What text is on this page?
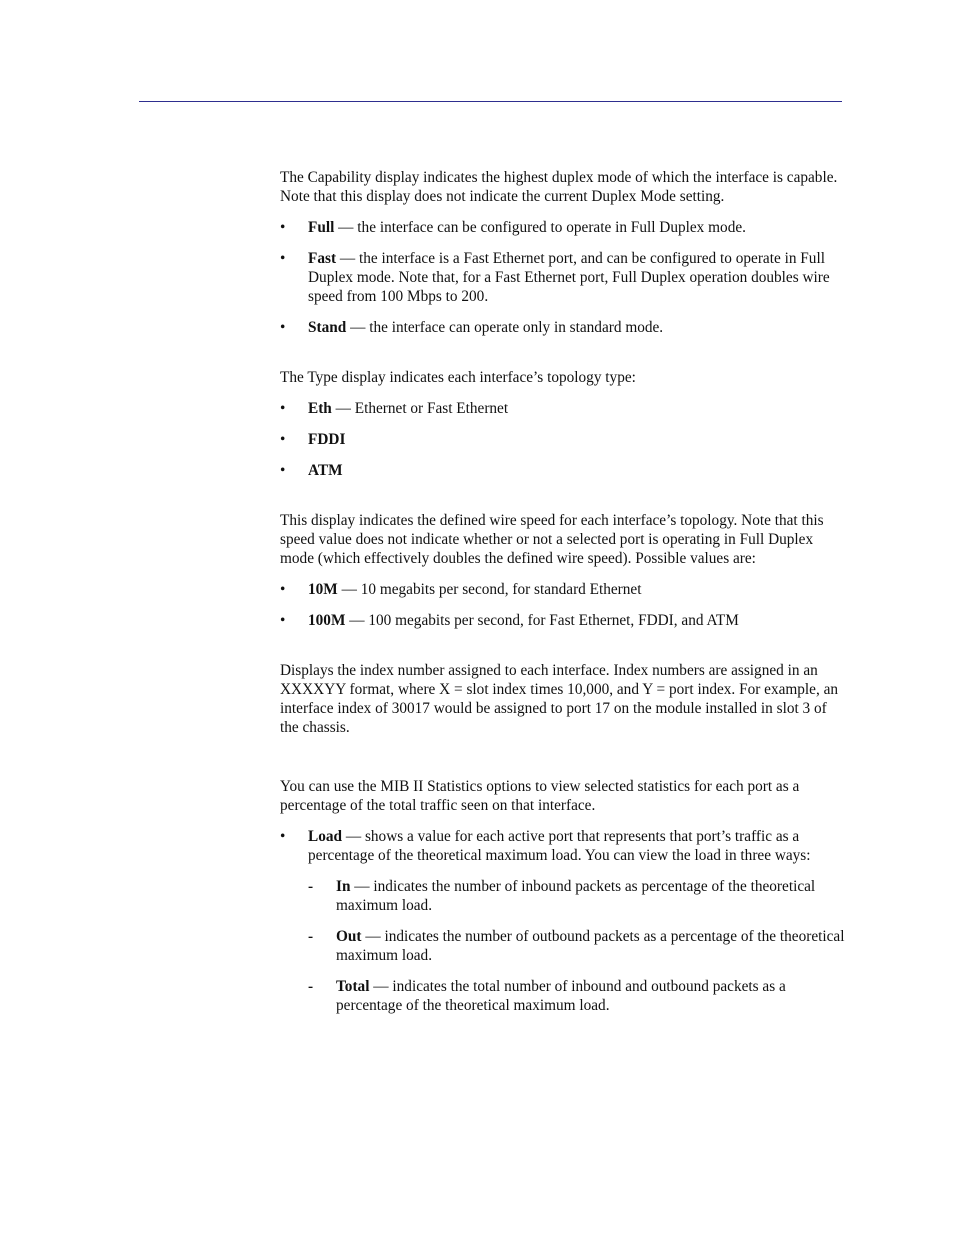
The Capability display indicates the highest duplex mode of which the interface is capable. Note that this display does not indicate the current Duplex Mode setting.

• Full — the interface can be configured to operate in Full Duplex mode.
• Fast — the interface is a Fast Ethernet port, and can be configured to operate in Full Duplex mode. Note that, for a Fast Ethernet port, Full Duplex operation doubles wire speed from 100 Mbps to 200.
• Stand — the interface can operate only in standard mode.

The Type display indicates each interface’s topology type:

• Eth — Ethernet or Fast Ethernet
• FDDI
• ATM

This display indicates the defined wire speed for each interface’s topology. Note that this speed value does not indicate whether or not a selected port is operating in Full Duplex mode (which effectively doubles the defined wire speed). Possible values are:

• 10M — 10 megabits per second, for standard Ethernet
• 100M — 100 megabits per second, for Fast Ethernet, FDDI, and ATM

Displays the index number assigned to each interface. Index numbers are assigned in an XXXXYY format, where X = slot index times 10,000, and Y = port index. For example, an interface index of 30017 would be assigned to port 17 on the module installed in slot 3 of the chassis.

You can use the MIB II Statistics options to view selected statistics for each port as a percentage of the total traffic seen on that interface.

• Load — shows a value for each active port that represents that port’s traffic as a percentage of the theoretical maximum load. You can view the load in three ways:
- In — indicates the number of inbound packets as percentage of the theoretical maximum load.
- Out — indicates the number of outbound packets as a percentage of the theoretical maximum load.
- Total — indicates the total number of inbound and outbound packets as a percentage of the theoretical maximum load.
